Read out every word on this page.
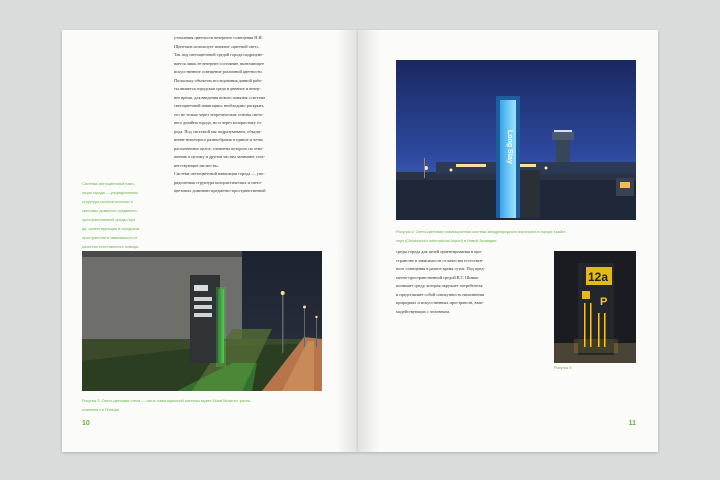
утомления цветности вечернего освещения Н.И.

Щепетков использует понятие «цветной свет».

Так под светоцветовой средой города подразуме-

вается лишь ее вечернее состояние, включающее

искусственное освещение различной цветности.

Поскольку объектом исследования данной рабо-

ты является городская среда в дневное и вечер-

нее время, для введения нового понятия «система

светоцветовой навигации» необходимо раскрыть

его не только через теоретические основы свето-

вого дизайна города, но и через колористику го-

рода. Под системой мы подразумеваем, объеди-

нение некоторого разнообразия в единое и четко

расчлененное целое, элементы которого по отно-

шению к целому и другим частям занимают соот-

ветствующие им места».

Система светоцветовой навигации города — упо-

рядоченная структура колористических и свето-

цветовых доминант предметно-пространственной

Система светоцветовой нави-

гации города — упорядоченная

структура колористических и

световых доминант предметно-

пространственной среды горо-

да, ориентирующая в городском

пространстве в зависимости от

качества естественного освеще-

Рисунок 3. Свето-цветовая стела — часть навигационной системы музея Sklart Museum, распо-

ложенного в Польше.

10
Long Stay

Рисунок 4. Свето-цветовая навигационная система международного аэропорта в городе Крайст-

черч (Christchurch International Airport) в Новой Зеландии.

среды города для целей ориентирования в про-

странстве в зависимости от качества естествен-

ного освещения в разное время суток. Под пред-

метно-пространственной средой В.Т. Шимко

понимает среду, которая окружает потребителя

и представляет собой совокупность наполнения

природных и искусственных пространств, взаи-

модействующих с человеком.

12a
P
Рисунок 5
11
